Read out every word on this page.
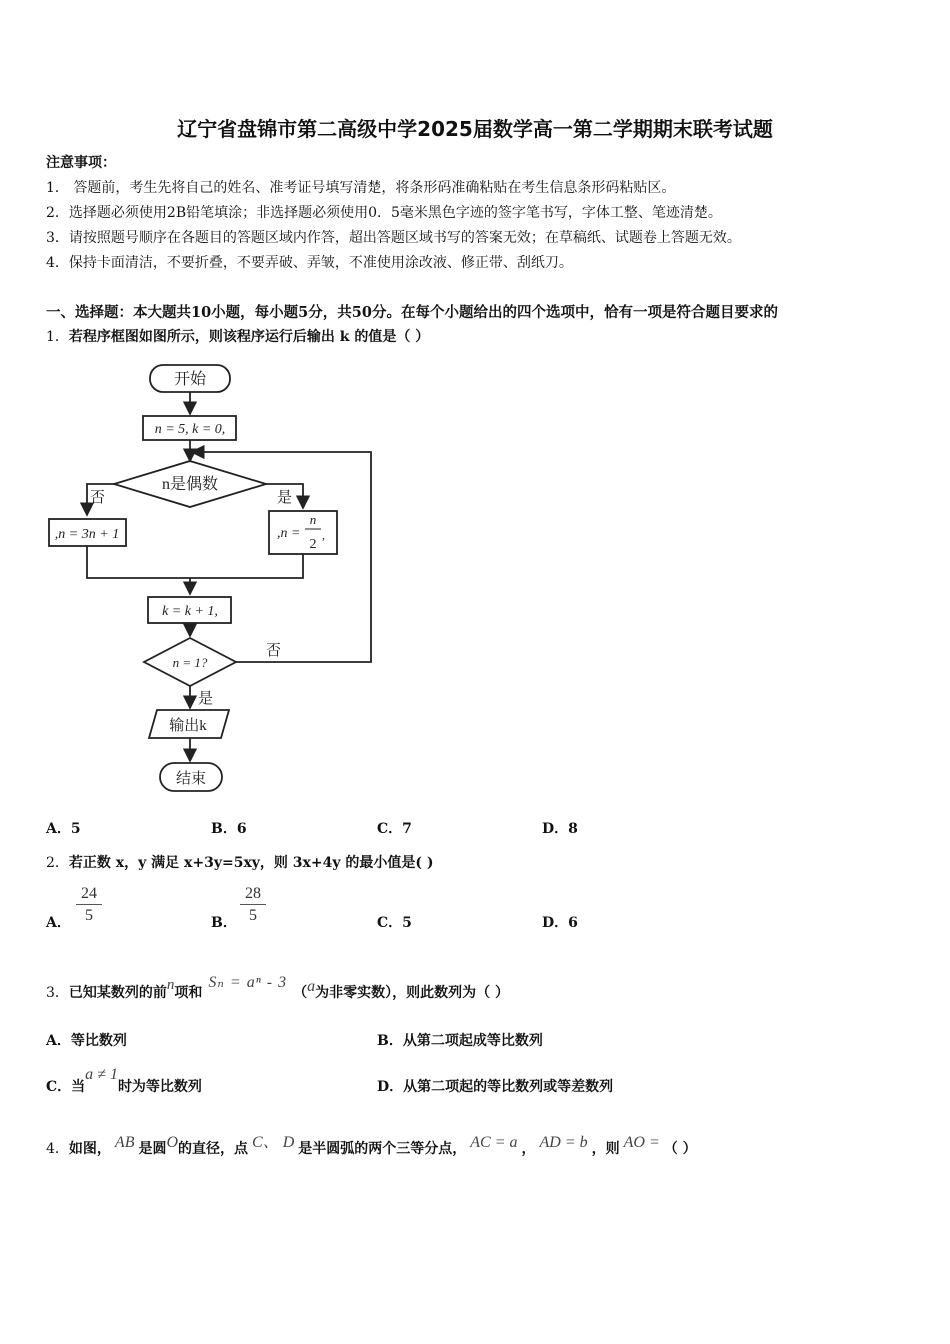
辽宁省盘锦市第二高级中学2025届数学高一第二学期期末联考试题
注意事项：
1． 答题前，考生先将自己的姓名、准考证号填写清楚，将条形码准确粘贴在考生信息条形码粘贴区。
2．选择题必须使用2B铅笔填涂；非选择题必须使用0．5毫米黑色字迹的签字笔书写，字体工整、笔迹清楚。
3．请按照题号顺序在各题目的答题区域内作答，超出答题区域书写的答案无效；在草稿纸、试题卷上答题无效。
4．保持卡面清洁，不要折叠，不要弄破、弄皱，不准使用涂改液、修正带、刮纸刀。
一、选择题：本大题共10小题，每小题5分，共50分。在每个小题给出的四个选项中，恰有一项是符合题目要求的
1．若程序框图如图所示，则该程序运行后输出 k 的值是（ ）
开始
n = 5, k = 0,
n是偶数
否	是
,n = 3n + 1	,n =
n
2
,
k = k + 1,
n = 1?
否
是
输出k
结束
A．5	B．6	C．7	D．8
2．若正数 x，y 满足 x+3y=5xy，则 3x+4y 的最小值是( )
A． $\frac{24}{5}$	B． $\frac{28}{5}$	C．5	D．6
3．已知某数列的前n项和Sₙ = aⁿ - 3（a为非零实数），则此数列为（ ）
A．等比数列	B．从第二项起成等比数列
C．当a ≠ 1时为等比数列	D．从第二项起的等比数列或等差数列
4．如图， AB 是圆O的直径，点 C、 D 是半圆弧的两个三等分点， AC = a ， AD = b ，则 AO = （ ）
